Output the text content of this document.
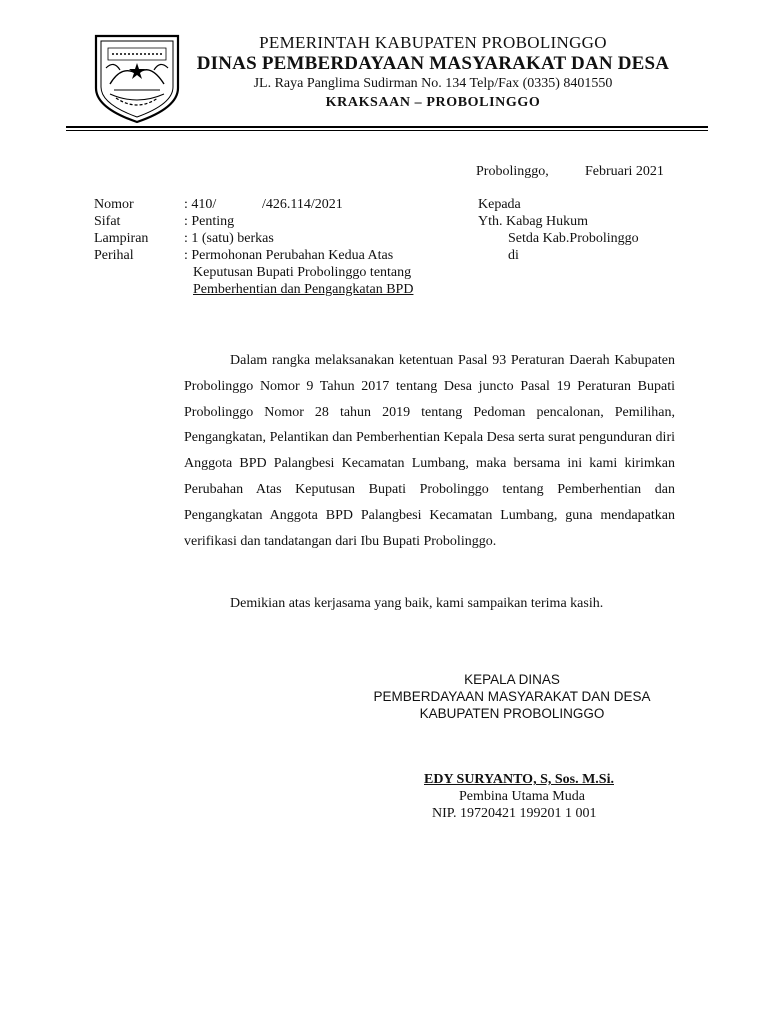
PEMERINTAH KABUPATEN PROBOLINGGO
DINAS PEMBERDAYAAN MASYARAKAT DAN DESA
JL. Raya Panglima Sudirman No. 134 Telp/Fax (0335) 8401550
KRAKSAAN – PROBOLINGGO
Probolinggo,	Februari 2021
Nomor	: 410/	/426.114/2021
Sifat	: Penting
Lampiran	: 1 (satu) berkas
Perihal	: Permohonan Perubahan Kedua Atas
Keputusan Bupati Probolinggo tentang
Pemberhentian dan Pengangkatan BPD
Kepada
Yth. Kabag Hukum
Setda Kab.Probolinggo
di

Dalam rangka melaksanakan ketentuan Pasal 93 Peraturan Daerah Kabupaten Probolinggo Nomor 9 Tahun 2017 tentang Desa juncto Pasal 19 Peraturan Bupati Probolinggo Nomor 28 tahun 2019 tentang Pedoman pencalonan, Pemilihan, Pengangkatan, Pelantikan dan Pemberhentian Kepala Desa serta surat pengunduran diri Anggota BPD Palangbesi Kecamatan Lumbang, maka bersama ini kami kirimkan Perubahan Atas Keputusan Bupati Probolinggo tentang Pemberhentian dan Pengangkatan Anggota BPD Palangbesi Kecamatan Lumbang, guna mendapatkan verifikasi dan tandatangan dari Ibu Bupati Probolinggo.

Demikian atas kerjasama yang baik, kami sampaikan terima kasih.
KEPALA DINAS
PEMBERDAYAAN MASYARAKAT DAN DESA
KABUPATEN PROBOLINGGO
EDY SURYANTO, S, Sos. M.Si.
Pembina Utama Muda
NIP. 19720421 199201 1 001
